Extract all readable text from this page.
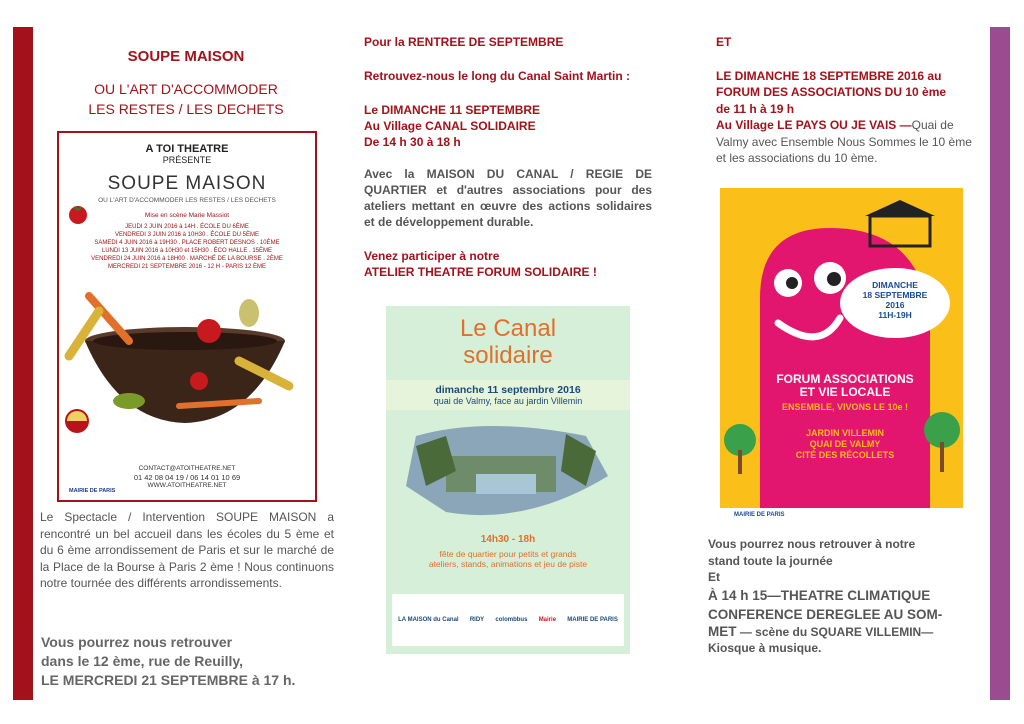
SOUPE MAISON

OU L'ART D'ACCOMMODER
LES RESTES / LES DECHETS

A TOI THEATRE

PRÉSENTE

SOUPE MAISON

OU L'ART D'ACCOMMODER LES RESTES / LES DECHETS

Mise en scène Marie Massiot

JEUDI 2 JUIN 2016 à 14H . ÉCOLE DU 6ÈME

VENDREDI 3 JUIN 2016 à 10H30 . ÉCOLE DU 5ÈME

SAMEDI 4 JUIN 2016 à 19H30 . PLACE ROBERT DESNOS . 10ÈME

LUNDI 13 JUIN 2016 à 10H30 et 15H30 . ÉCO HALLE . 15ÈME

VENDREDI 24 JUIN 2016 à 18H00 . MARCHÉ DE LA BOURSE . 2ÈME

MERCREDI 21 SEPTEMBRE 2016 - 12 H - PARIS 12 ÈME

CONTACT@ATOITHEATRE.NET

01 42 08 04 19 / 06 14 01 10 69

WWW.ATOITHEATRE.NET

MAIRIE DE PARIS

Le Spectacle / Intervention SOUPE MAISON a rencontré un bel accueil dans les écoles du 5 ème et du 6 ème arrondissement de Paris et sur le marché de la Place de la Bourse à Paris 2 ème ! Nous continuons notre tournée des différents arrondissements.

Vous pourrez nous retrouver

dans le 12 ème, rue de Reuilly,

LE MERCREDI 21 SEPTEMBRE à 17 h.

Pour la RENTREE DE SEPTEMBRE

Retrouvez-nous le long du Canal Saint Martin :

Le DIMANCHE 11 SEPTEMBRE

Au Village CANAL SOLIDAIRE

De 14 h 30 à 18 h

Avec la MAISON DU CANAL / REGIE DE QUARTIER et d'autres associations pour des ateliers mettant en œuvre des actions solidaires et de développement durable.

Venez participer à notre

ATELIER THEATRE FORUM SOLIDAIRE !

Le Canal

solidaire

dimanche 11 septembre 2016

quai de Valmy, face au jardin Villemin

14h30 - 18h

fête de quartier pour petits et grands

ateliers, stands, animations et jeu de piste

LA MAISON du Canal RIDY colombbus Mairie MAIRIE DE PARIS

ET

LE DIMANCHE 18 SEPTEMBRE 2016 au FORUM DES ASSOCIATIONS DU 10 ème

de 11 h à 19 h

Au Village LE PAYS OU JE VAIS —Quai de Valmy avec Ensemble Nous Sommes le 10 ème et les associations du 10 ème.

DIMANCHE

18 SEPTEMBRE

2016

11H-19H

FORUM ASSOCIATIONS

ET VIE LOCALE

ENSEMBLE, VIVONS LE 10e !

JARDIN VILLEMIN

QUAI DE VALMY

CITÉ DES RÉCOLLETS

MAIRIE DE PARIS

Vous pourrez nous retrouver à notre

stand toute la journée

Et

À 14 h 15—THEATRE CLIMATIQUE

CONFERENCE DEREGLEE AU SOM-

MET — scène du SQUARE VILLEMIN—

Kiosque à musique.
